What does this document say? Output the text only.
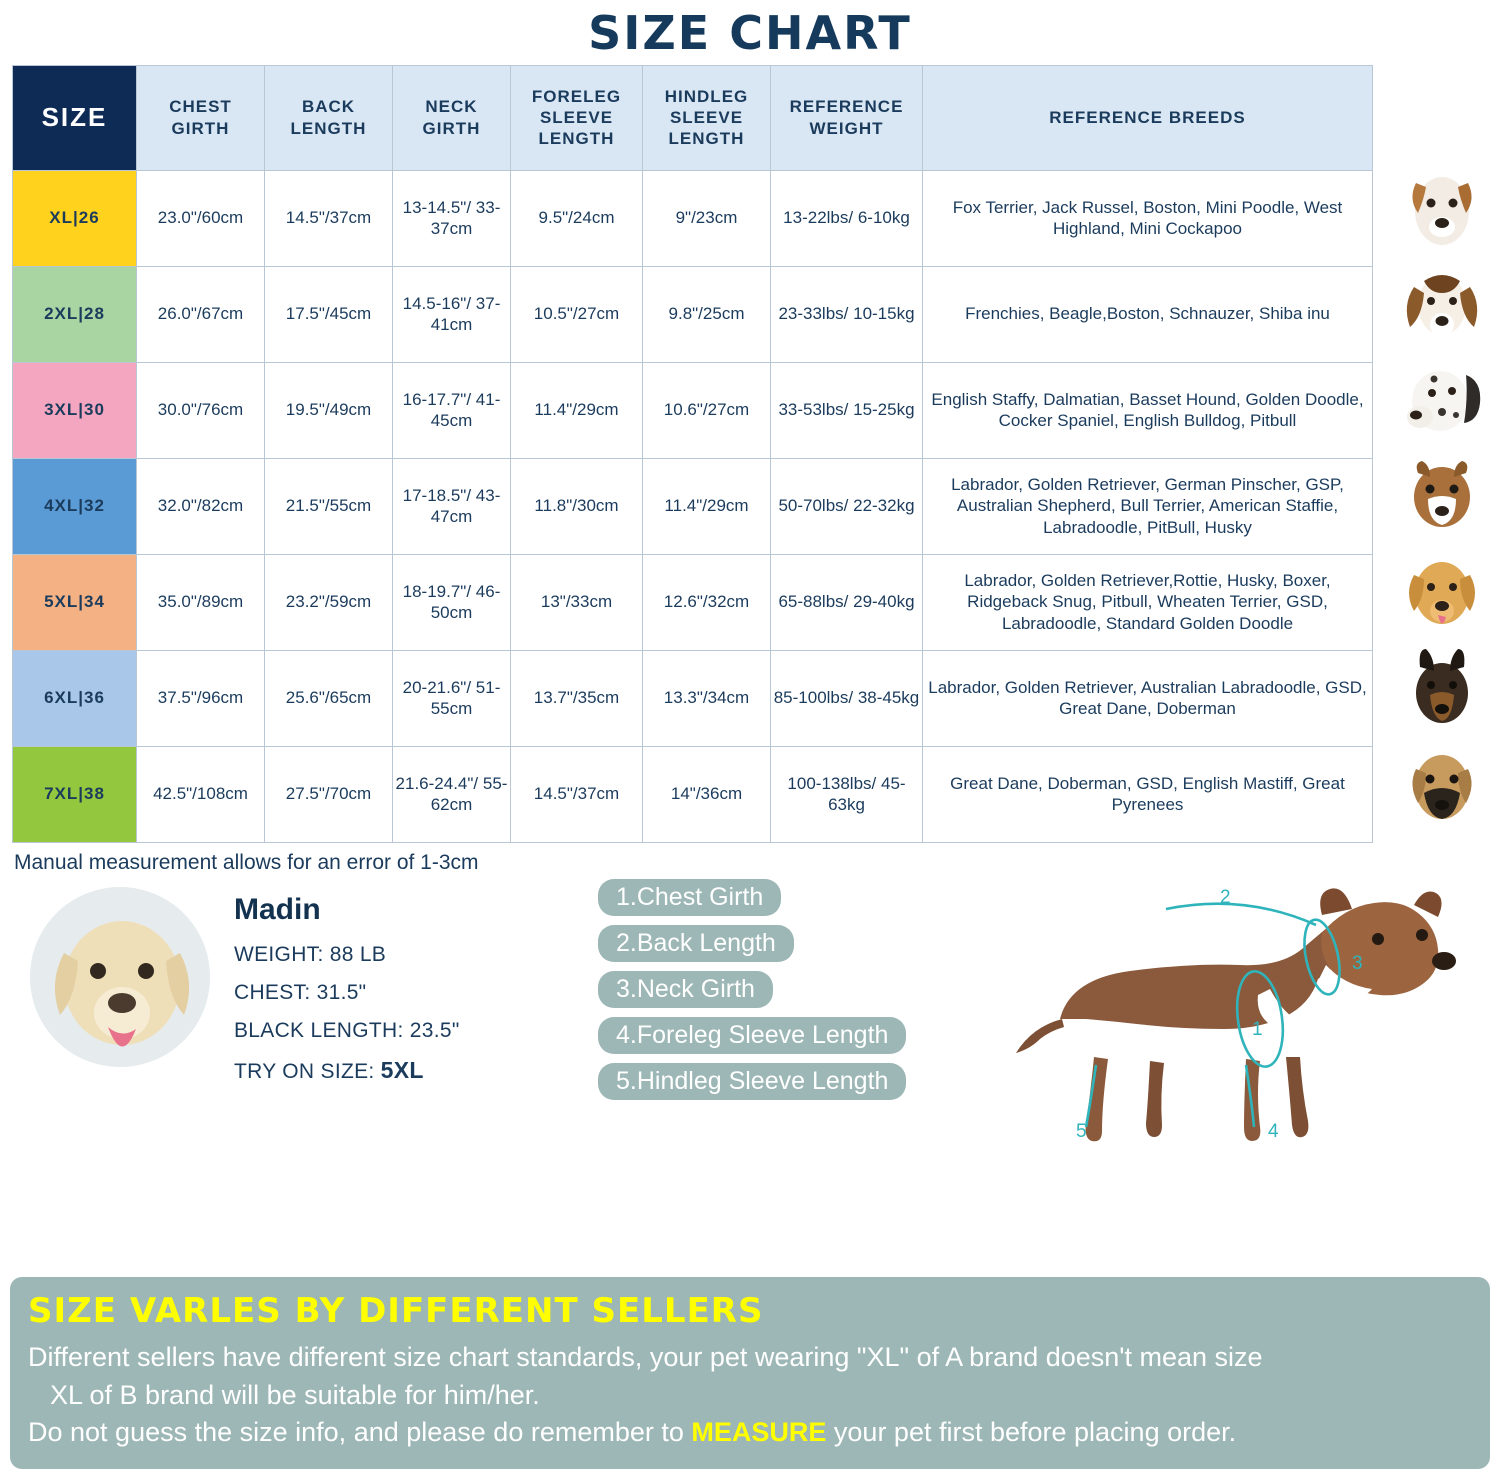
SIZE CHART
SIZE	CHEST GIRTH	BACK LENGTH	NECK GIRTH	FORELEG SLEEVE LENGTH	HINDLEG SLEEVE LENGTH	REFERENCE WEIGHT	REFERENCE BREEDS
XL|26	23.0"/60cm	14.5"/37cm	13-14.5"/ 33-37cm	9.5"/24cm	9"/23cm	13-22lbs/ 6-10kg	Fox Terrier, Jack Russel, Boston, Mini Poodle, West Highland, Mini Cockapoo
2XL|28	26.0"/67cm	17.5"/45cm	14.5-16"/ 37-41cm	10.5"/27cm	9.8"/25cm	23-33lbs/ 10-15kg	Frenchies, Beagle,Boston, Schnauzer, Shiba inu
3XL|30	30.0"/76cm	19.5"/49cm	16-17.7"/ 41-45cm	11.4"/29cm	10.6"/27cm	33-53lbs/ 15-25kg	English Staffy, Dalmatian, Basset Hound, Golden Doodle, Cocker Spaniel, English Bulldog, Pitbull
4XL|32	32.0"/82cm	21.5"/55cm	17-18.5"/ 43-47cm	11.8"/30cm	11.4"/29cm	50-70lbs/ 22-32kg	Labrador, Golden Retriever, German Pinscher, GSP, Australian Shepherd, Bull Terrier, American Staffie, Labradoodle, PitBull, Husky
5XL|34	35.0"/89cm	23.2"/59cm	18-19.7"/ 46-50cm	13"/33cm	12.6"/32cm	65-88lbs/ 29-40kg	Labrador, Golden Retriever,Rottie, Husky, Boxer, Ridgeback Snug, Pitbull, Wheaten Terrier, GSD, Labradoodle, Standard Golden Doodle
6XL|36	37.5"/96cm	25.6"/65cm	20-21.6"/ 51-55cm	13.7"/35cm	13.3"/34cm	85-100lbs/ 38-45kg	Labrador, Golden Retriever, Australian Labradoodle, GSD, Great Dane, Doberman
7XL|38	42.5"/108cm	27.5"/70cm	21.6-24.4"/ 55-62cm	14.5"/37cm	14"/36cm	100-138lbs/ 45-63kg	Great Dane, Doberman, GSD, English Mastiff, Great Pyrenees
Manual measurement allows for an error of 1-3cm
Madin
WEIGHT: 88 LB
CHEST: 31.5"
BLACK LENGTH: 23.5"
TRY ON SIZE: 5XL
1.Chest Girth
2.Back Length
3.Neck Girth
4.Foreleg Sleeve Length
5.Hindleg Sleeve Length
1
2
3
4
5
SIZE VARLES BY DIFFERENT SELLERS
Different sellers have different size chart standards, your pet wearing "XL" of A brand doesn't mean size
XL of B brand will be suitable for him/her.
Do not guess the size info, and please do remember to MEASURE your pet first before placing order.
